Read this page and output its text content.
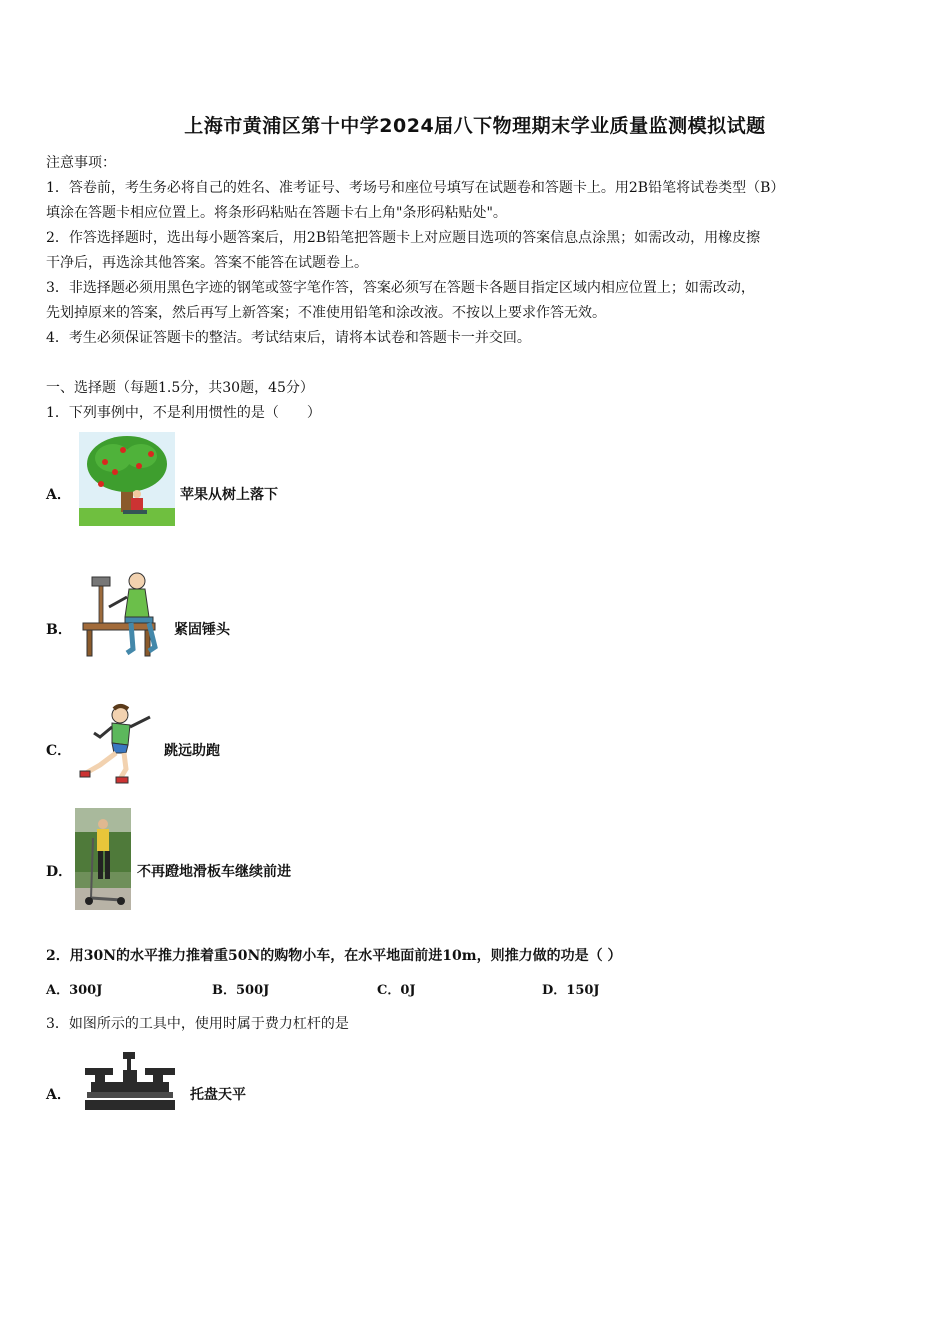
上海市黄浦区第十中学2024届八下物理期末学业质量监测模拟试题
注意事项：
1．答卷前，考生务必将自己的姓名、准考证号、考场号和座位号填写在试题卷和答题卡上。用2B铅笔将试卷类型（B）
填涂在答题卡相应位置上。将条形码粘贴在答题卡右上角"条形码粘贴处"。
2．作答选择题时，选出每小题答案后，用2B铅笔把答题卡上对应题目选项的答案信息点涂黑；如需改动，用橡皮擦
干净后，再选涂其他答案。答案不能答在试题卷上。
3．非选择题必须用黑色字迹的钢笔或签字笔作答，答案必须写在答题卡各题目指定区域内相应位置上；如需改动，
先划掉原来的答案，然后再写上新答案；不准使用铅笔和涂改液。不按以上要求作答无效。
4．考生必须保证答题卡的整洁。考试结束后，请将本试卷和答题卡一并交回。
一、选择题（每题1.5分，共30题，45分）
1．下列事例中，不是利用惯性的是（　　）
A．	苹果从树上落下
B．	紧固锤头
C．	跳远助跑
D．	不再蹬地滑板车继续前进
2．用30N的水平推力推着重50N的购物小车，在水平地面前进10m，则推力做的功是（ ）
A．300J	B．500J	C．0J	D．150J
3．如图所示的工具中，使用时属于费力杠杆的是
A．	托盘天平
